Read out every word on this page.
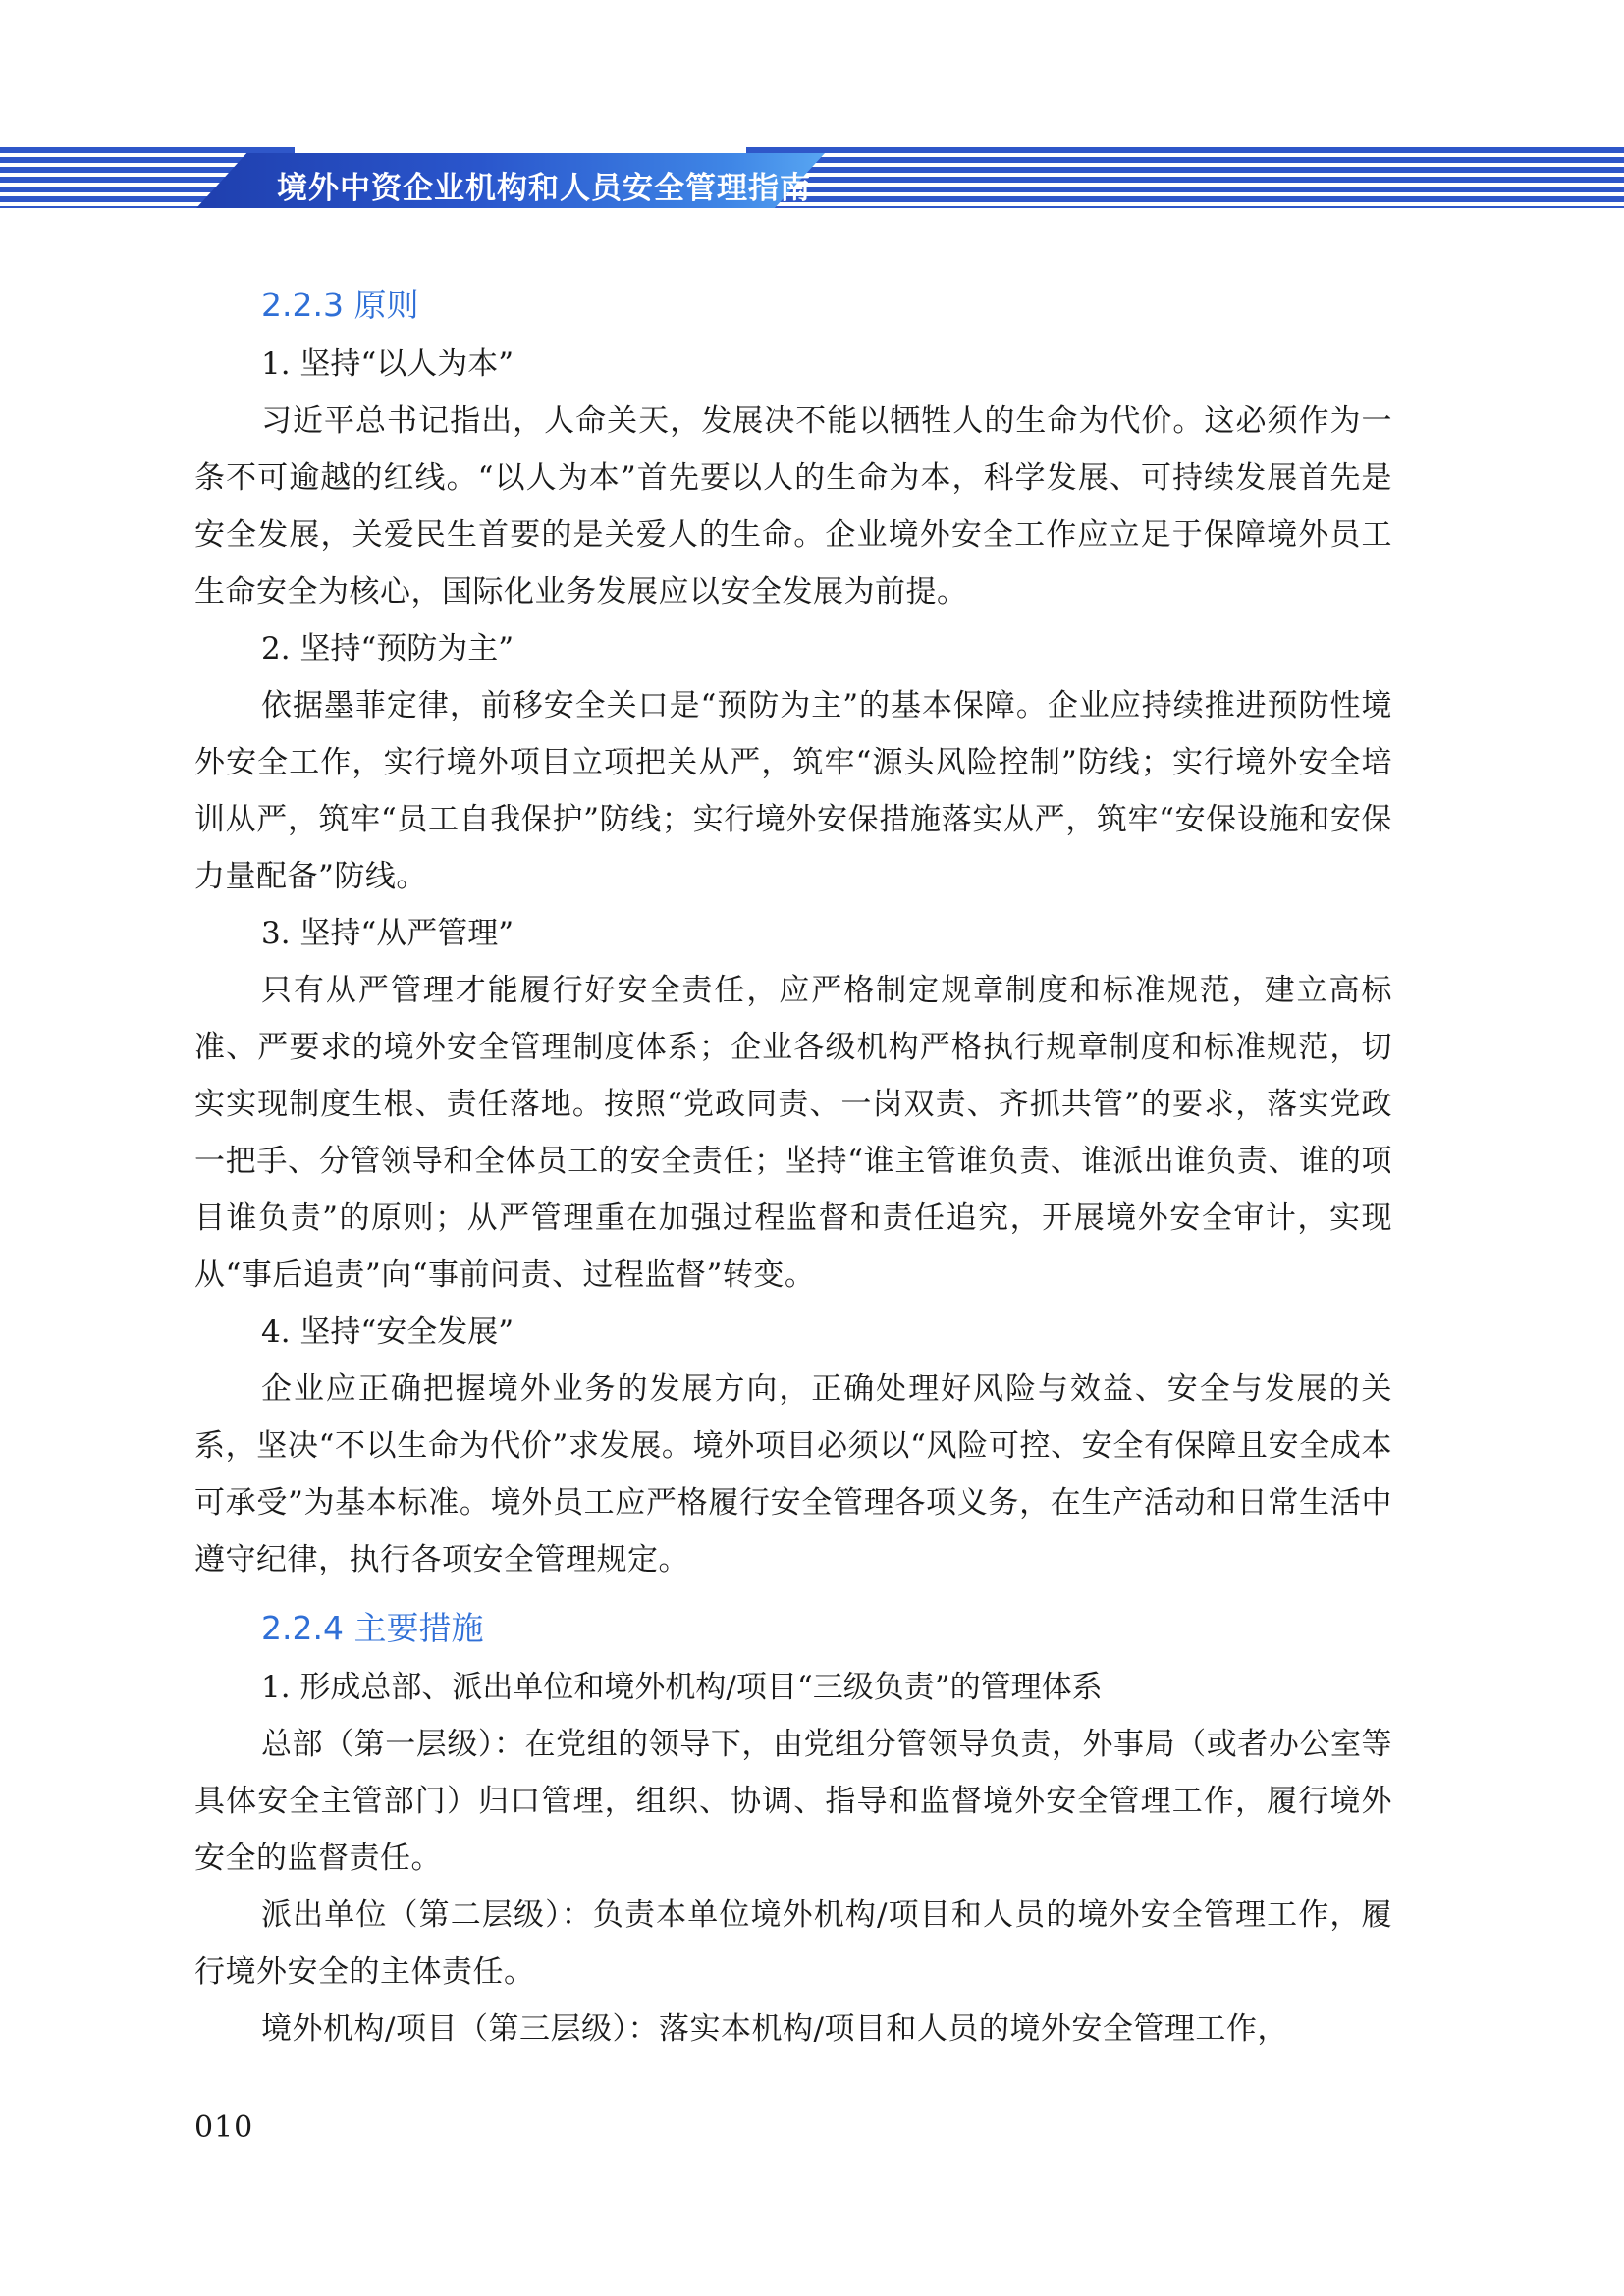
境外中资企业机构和人员安全管理指南
2.2.3 原则
1. 坚持“以人为本”

习近平总书记指出，人命关天，发展决不能以牺牲人的生命为代价。这必须作为一条不可逾越的红线。“以人为本”首先要以人的生命为本，科学发展、可持续发展首先是安全发展，关爱民生首要的是关爱人的生命。企业境外安全工作应立足于保障境外员工生命安全为核心，国际化业务发展应以安全发展为前提。

2. 坚持“预防为主”

依据墨菲定律，前移安全关口是“预防为主”的基本保障。企业应持续推进预防性境外安全工作，实行境外项目立项把关从严，筑牢“源头风险控制”防线；实行境外安全培训从严，筑牢“员工自我保护”防线；实行境外安保措施落实从严，筑牢“安保设施和安保力量配备”防线。

3. 坚持“从严管理”

只有从严管理才能履行好安全责任，应严格制定规章制度和标准规范，建立高标准、严要求的境外安全管理制度体系；企业各级机构严格执行规章制度和标准规范，切实实现制度生根、责任落地。按照“党政同责、一岗双责、齐抓共管”的要求，落实党政一把手、分管领导和全体员工的安全责任；坚持“谁主管谁负责、谁派出谁负责、谁的项目谁负责”的原则；从严管理重在加强过程监督和责任追究，开展境外安全审计，实现从“事后追责”向“事前问责、过程监督”转变。

4. 坚持“安全发展”

企业应正确把握境外业务的发展方向，正确处理好风险与效益、安全与发展的关系，坚决“不以生命为代价”求发展。境外项目必须以“风险可控、安全有保障且安全成本可承受”为基本标准。境外员工应严格履行安全管理各项义务，在生产活动和日常生活中遵守纪律，执行各项安全管理规定。

2.2.4 主要措施
1. 形成总部、派出单位和境外机构/项目“三级负责”的管理体系

总部（第一层级）：在党组的领导下，由党组分管领导负责，外事局（或者办公室等具体安全主管部门）归口管理，组织、协调、指导和监督境外安全管理工作，履行境外安全的监督责任。

派出单位（第二层级）：负责本单位境外机构/项目和人员的境外安全管理工作，履行境外安全的主体责任。

境外机构/项目（第三层级）：落实本机构/项目和人员的境外安全管理工作，

010
